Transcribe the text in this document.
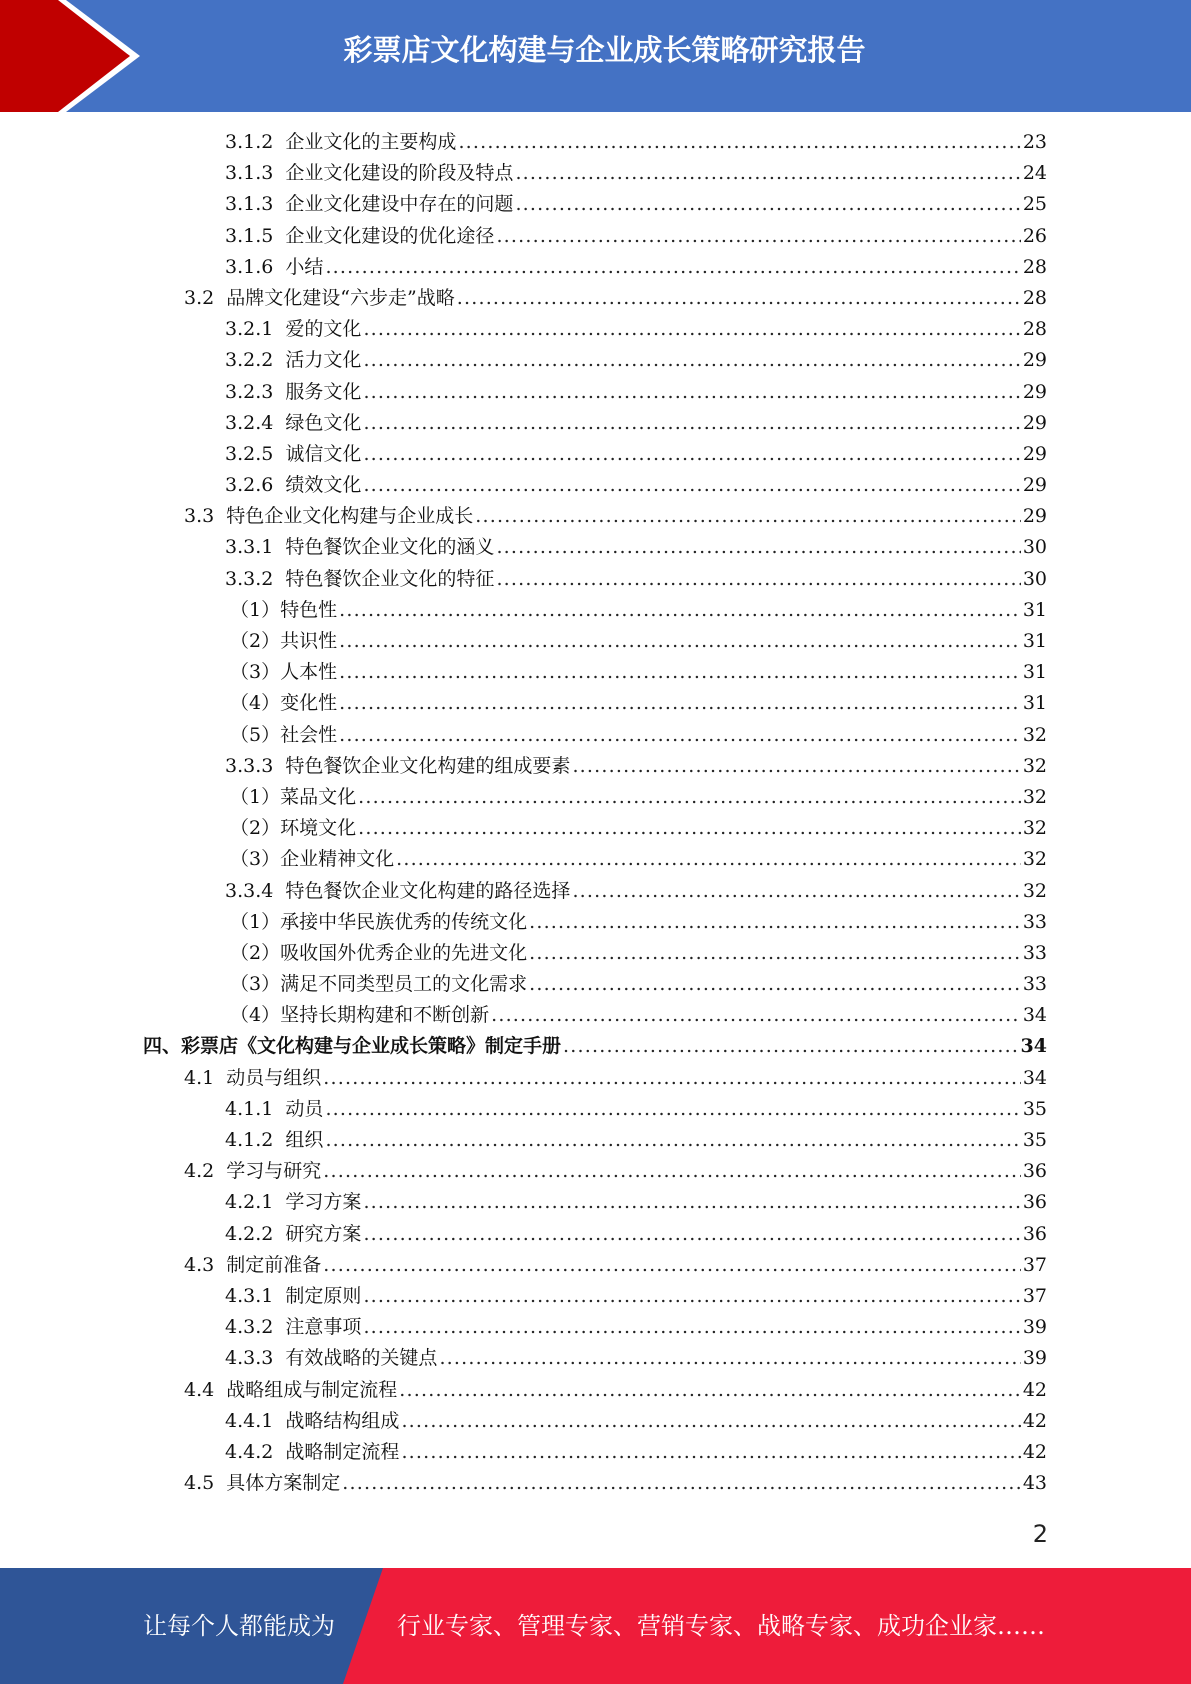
彩票店文化构建与企业成长策略研究报告
3.1.2  企业文化的主要构成 .....	23
3.1.3  企业文化建设的阶段及特点 .....	24
3.1.3  企业文化建设中存在的问题 .....	25
3.1.5  企业文化建设的优化途径 .....	26
3.1.6  小结 .....	28
3.2  品牌文化建设“六步走”战略 .....	28
3.2.1  爱的文化 .....	28
3.2.2  活力文化 .....	29
3.2.3  服务文化 .....	29
3.2.4  绿色文化 .....	29
3.2.5  诚信文化 .....	29
3.2.6  绩效文化 .....	29
3.3  特色企业文化构建与企业成长 .....	29
3.3.1  特色餐饮企业文化的涵义 .....	30
3.3.2  特色餐饮企业文化的特征 .....	30
（1）特色性 .....	31
（2）共识性 .....	31
（3）人本性 .....	31
（4）变化性 .....	31
（5）社会性 .....	32
3.3.3  特色餐饮企业文化构建的组成要素 .....	32
（1）菜品文化 .....	32
（2）环境文化 .....	32
（3）企业精神文化 .....	32
3.3.4  特色餐饮企业文化构建的路径选择 .....	32
（1）承接中华民族优秀的传统文化 .....	33
（2）吸收国外优秀企业的先进文化 .....	33
（3）满足不同类型员工的文化需求 .....	33
（4）坚持长期构建和不断创新 .....	34
四、彩票店《文化构建与企业成长策略》制定手册 .....	34
4.1  动员与组织 .....	34
4.1.1  动员 .....	35
4.1.2  组织 .....	35
4.2  学习与研究 .....	36
4.2.1  学习方案 .....	36
4.2.2  研究方案 .....	36
4.3  制定前准备 .....	37
4.3.1  制定原则 .....	37
4.3.2  注意事项 .....	39
4.3.3  有效战略的关键点 .....	39
4.4  战略组成与制定流程 .....	42
4.4.1  战略结构组成 .....	42
4.4.2  战略制定流程 .....	42
4.5  具体方案制定 .....	43
2
让每个人都能成为	行业专家、管理专家、营销专家、战略专家、成功企业家……
